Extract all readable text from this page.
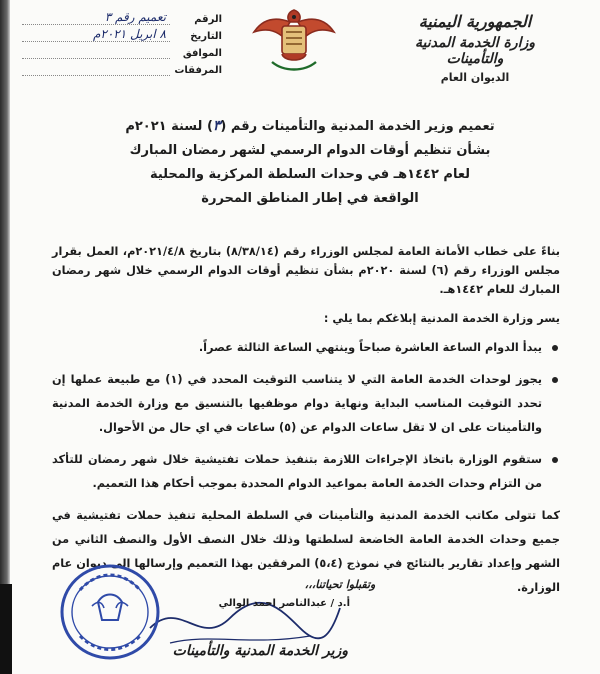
الجمهورية اليمنية
وزارة الخدمة المدنية والتأمينات
الديوان العام
الرقم
تعميم رقم ٣
التاريخ
٨ ابريل ٢٠٢١م
الموافق
المرفقات
تعميم وزير الخدمة المدنية والتأمينات رقم (٣) لسنة ٢٠٢١م
بشأن تنظيم أوقات الدوام الرسمي لشهر رمضان المبارك
لعام ١٤٤٢هـ في وحدات السلطة المركزية والمحلية
الواقعة في إطار المناطق المحررة

بناءً على خطاب الأمانة العامة لمجلس الوزراء رقم (٨/٣٨/١٤) بتاريخ ٢٠٢١/٤/٨م، العمل بقرار مجلس الوزراء رقم (٦) لسنة ٢٠٢٠م بشأن تنظيم أوقات الدوام الرسمي خلال شهر رمضان المبارك للعام ١٤٤٢هـ.

يسر وزارة الخدمة المدنية إبلاغكم بما يلي :

يبدأ الدوام الساعة العاشرة صباحاً وينتهي الساعة الثالثة عصراً.
يجوز لوحدات الخدمة العامة التي لا يتناسب التوقيت المحدد في (١) مع طبيعة عملها إن تحدد التوقيت المناسب البداية ونهاية دوام موظفيها بالتنسيق مع وزارة الخدمة المدنية والتأمينات على ان لا تقل ساعات الدوام عن (٥) ساعات في اي حال من الأحوال.
ستقوم الوزارة باتخاذ الإجراءات اللازمة بتنفيذ حملات تفتيشية خلال شهر رمضان للتأكد من التزام وحدات الخدمة العامة بمواعيد الدوام المحددة بموجب أحكام هذا التعميم.

كما تتولى مكاتب الخدمة المدنية والتأمينات في السلطة المحلية تنفيذ حملات تفتيشية في جميع وحدات الخدمة العامة الخاضعة لسلطتها وذلك خلال النصف الأول والنصف الثاني من الشهر وإعداد تقارير بالنتائج في نموذج (٥،٤) المرفقين بهذا التعميم وإرسالها إلى ديوان عام الوزارة.

وتقبلوا تحياتنا،،،
أ.د / عبدالناصر احمد الوالي
وزير الخدمة المدنية والتأمينات
